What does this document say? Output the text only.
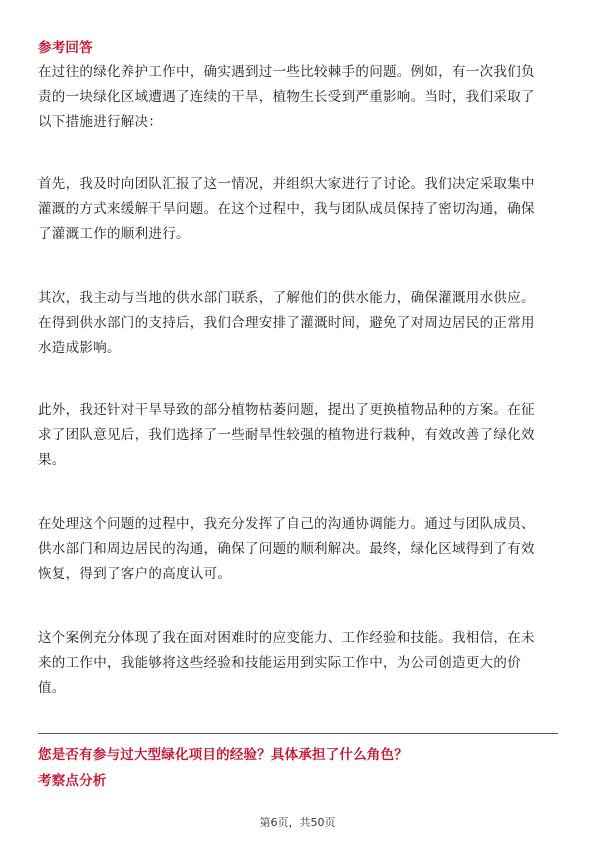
参考回答

在过往的绿化养护工作中，确实遇到过一些比较棘手的问题。例如，有一次我们负
责的一块绿化区域遭遇了连续的干旱，植物生长受到严重影响。当时，我们采取了
以下措施进行解决：

首先，我及时向团队汇报了这一情况，并组织大家进行了讨论。我们决定采取集中
灌溉的方式来缓解干旱问题。在这个过程中，我与团队成员保持了密切沟通，确保
了灌溉工作的顺利进行。

其次，我主动与当地的供水部门联系，了解他们的供水能力，确保灌溉用水供应。
在得到供水部门的支持后，我们合理安排了灌溉时间，避免了对周边居民的正常用
水造成影响。

此外，我还针对干旱导致的部分植物枯萎问题，提出了更换植物品种的方案。在征
求了团队意见后，我们选择了一些耐旱性较强的植物进行栽种，有效改善了绿化效
果。

在处理这个问题的过程中，我充分发挥了自己的沟通协调能力。通过与团队成员、
供水部门和周边居民的沟通，确保了问题的顺利解决。最终，绿化区域得到了有效
恢复，得到了客户的高度认可。

这个案例充分体现了我在面对困难时的应变能力、工作经验和技能。我相信，在未
来的工作中，我能够将这些经验和技能运用到实际工作中，为公司创造更大的价
值。

您是否有参与过大型绿化项目的经验？具体承担了什么角色？
考察点分析
第6页，共50页
